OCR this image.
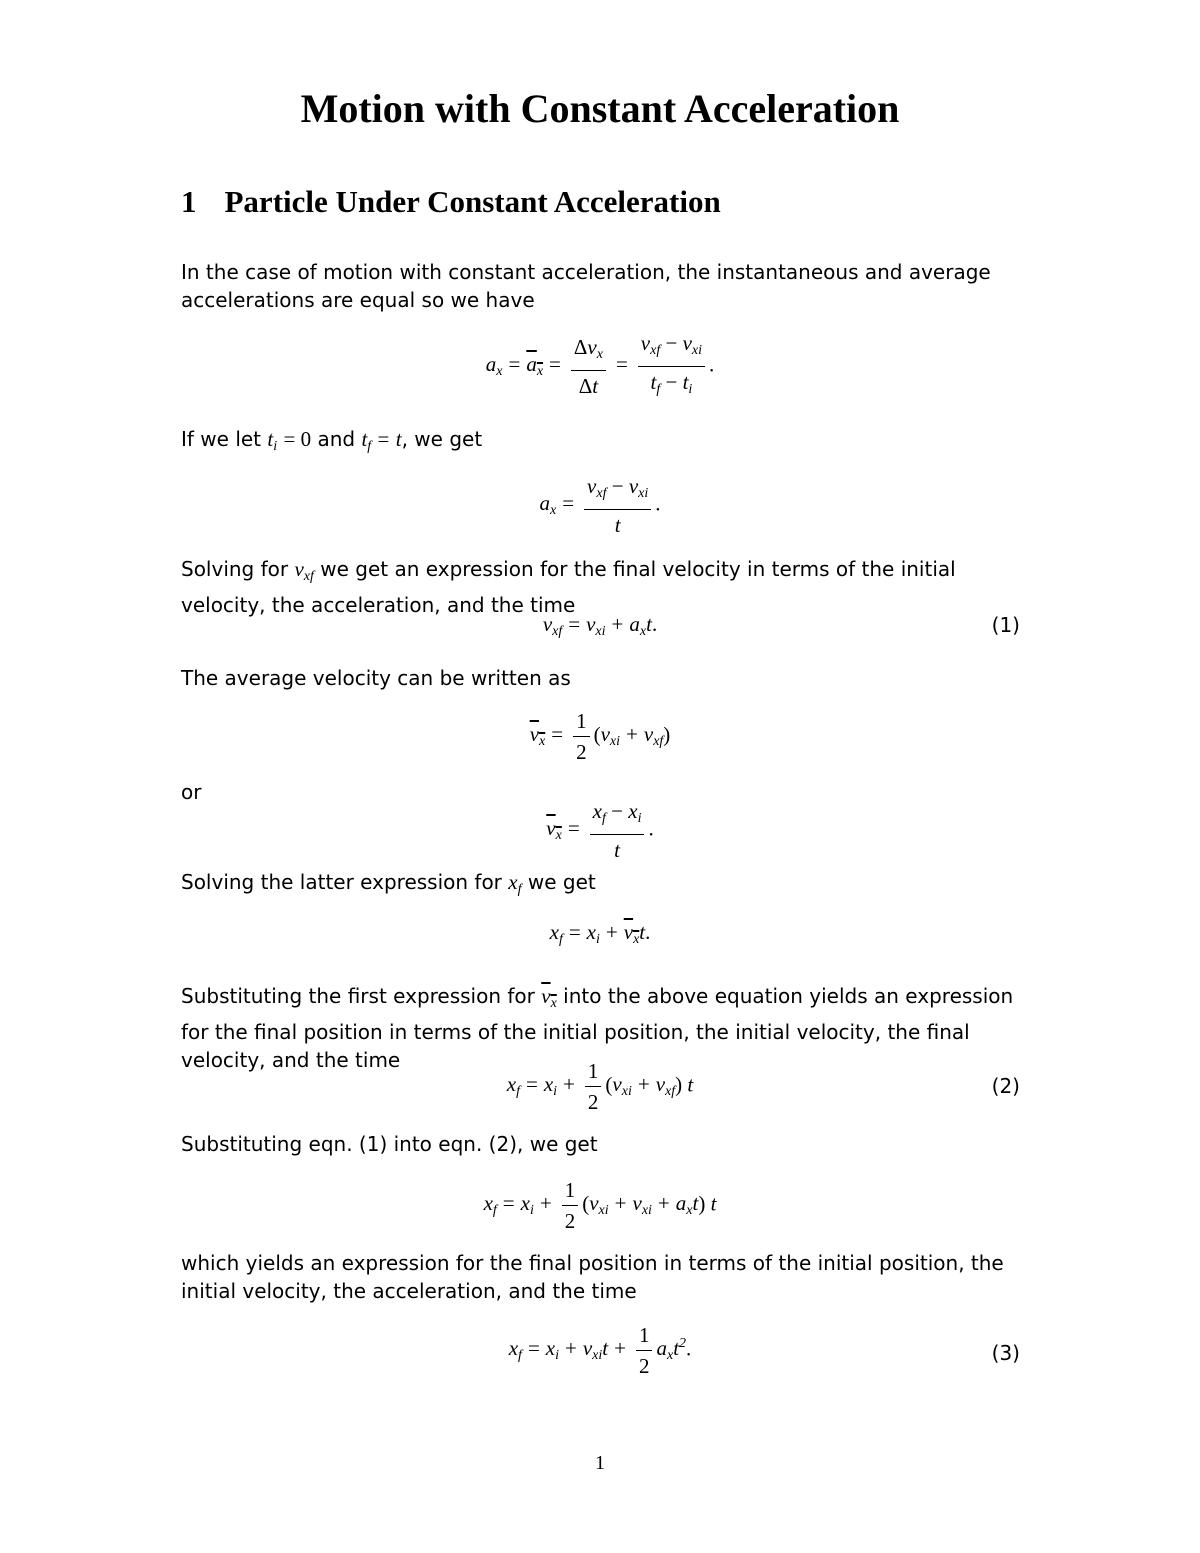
Motion with Constant Acceleration
1 Particle Under Constant Acceleration
In the case of motion with constant acceleration, the instantaneous and average accelerations are equal so we have
$a_x = a_x = \frac{\Delta v_x}{\Delta t} = \frac{v_{xf} - v_{xi}}{t_f - t_i}$ .
If we let $t_i = 0$ and $t_f = t$, we get
$a_x = \frac{v_{xf} - v_{xi}}{t}$ .
Solving for $v_{xf}$ we get an expression for the final velocity in terms of the initial velocity, the acceleration, and the time
$v_{xf} = v_{xi} + a_xt$.	(1)
The average velocity can be written as
$v_x = \frac{1}{2} (v_{xi} + v_{xf})$
or
$v_x = \frac{x_f - x_i}{t}$ .
Solving the latter expression for $x_f$ we get
$x_f = x_i + v_xt$.
Substituting the first expression for $v_x$ into the above equation yields an expression for the final position in terms of the initial position, the initial velocity, the final velocity, and the time
$x_f = x_i + \frac{1}{2} (v_{xi} + v_{xf})$ t	(2)
Substituting eqn. (1) into eqn. (2), we get
$x_f = x_i + \frac{1}{2} (v_{xi} + v_{xi} + a_xt)$ t
which yields an expression for the final position in terms of the initial position, the initial velocity, the acceleration, and the time
$x_f = x_i + v_{xi}t + \frac{1}{2} a_xt^2$.	(3)
1
